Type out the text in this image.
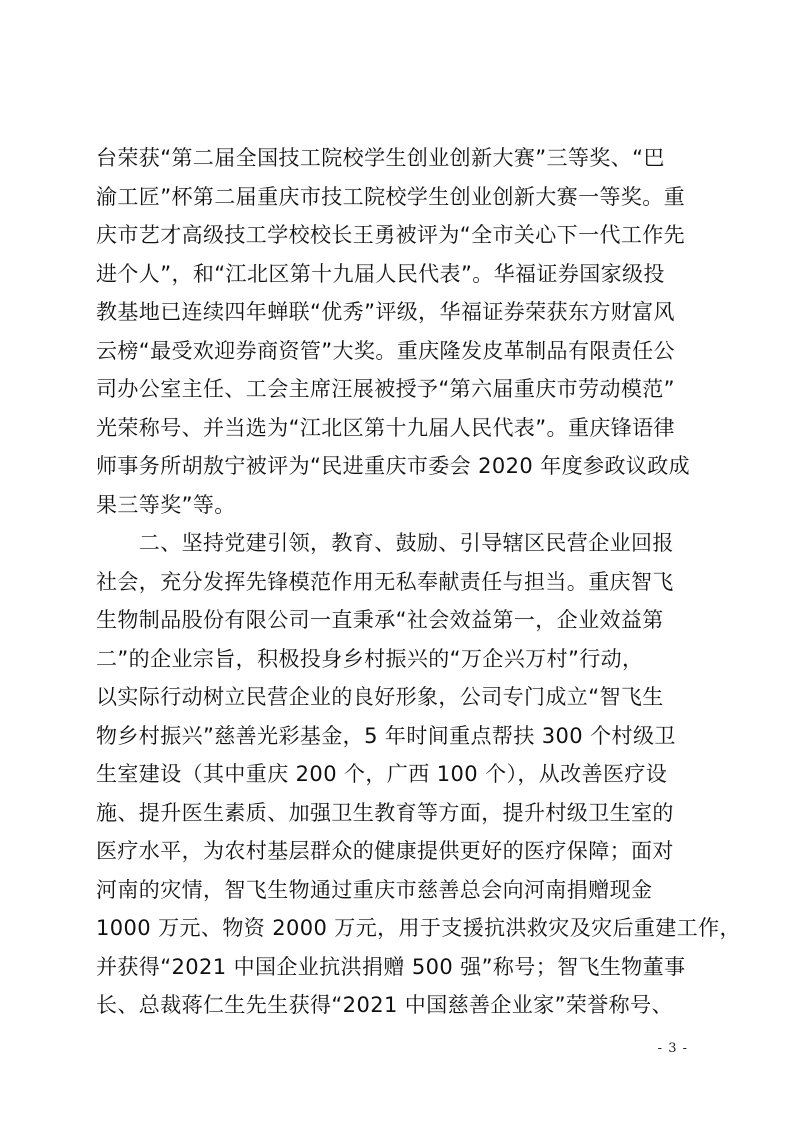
台荣获“第二届全国技工院校学生创业创新大赛”三等奖、“巴
渝工匠”杯第二届重庆市技工院校学生创业创新大赛一等奖。重
庆市艺才高级技工学校校长王勇被评为“全市关心下一代工作先
进个人”，和“江北区第十九届人民代表”。华福证券国家级投
教基地已连续四年蝉联“优秀”评级，华福证券荣获东方财富风
云榜“最受欢迎券商资管”大奖。重庆隆发皮革制品有限责任公
司办公室主任、工会主席汪展被授予“第六届重庆市劳动模范”
光荣称号、并当选为“江北区第十九届人民代表”。重庆锋语律
师事务所胡敖宁被评为“民进重庆市委会 2020 年度参政议政成
果三等奖”等。
　　二、坚持党建引领，教育、鼓励、引导辖区民营企业回报
社会，充分发挥先锋模范作用无私奉献责任与担当。重庆智飞
生物制品股份有限公司一直秉承“社会效益第一，企业效益第
二”的企业宗旨，积极投身乡村振兴的“万企兴万村”行动，
以实际行动树立民营企业的良好形象，公司专门成立“智飞生
物乡村振兴”慈善光彩基金，5 年时间重点帮扶 300 个村级卫
生室建设（其中重庆 200 个，广西 100 个），从改善医疗设
施、提升医生素质、加强卫生教育等方面，提升村级卫生室的
医疗水平，为农村基层群众的健康提供更好的医疗保障；面对
河南的灾情，智飞生物通过重庆市慈善总会向河南捐赠现金
1000 万元、物资 2000 万元，用于支援抗洪救灾及灾后重建工作，
并获得“2021 中国企业抗洪捐赠 500 强”称号；智飞生物董事
长、总裁蒋仁生先生获得“2021 中国慈善企业家”荣誉称号、
- 3 -
